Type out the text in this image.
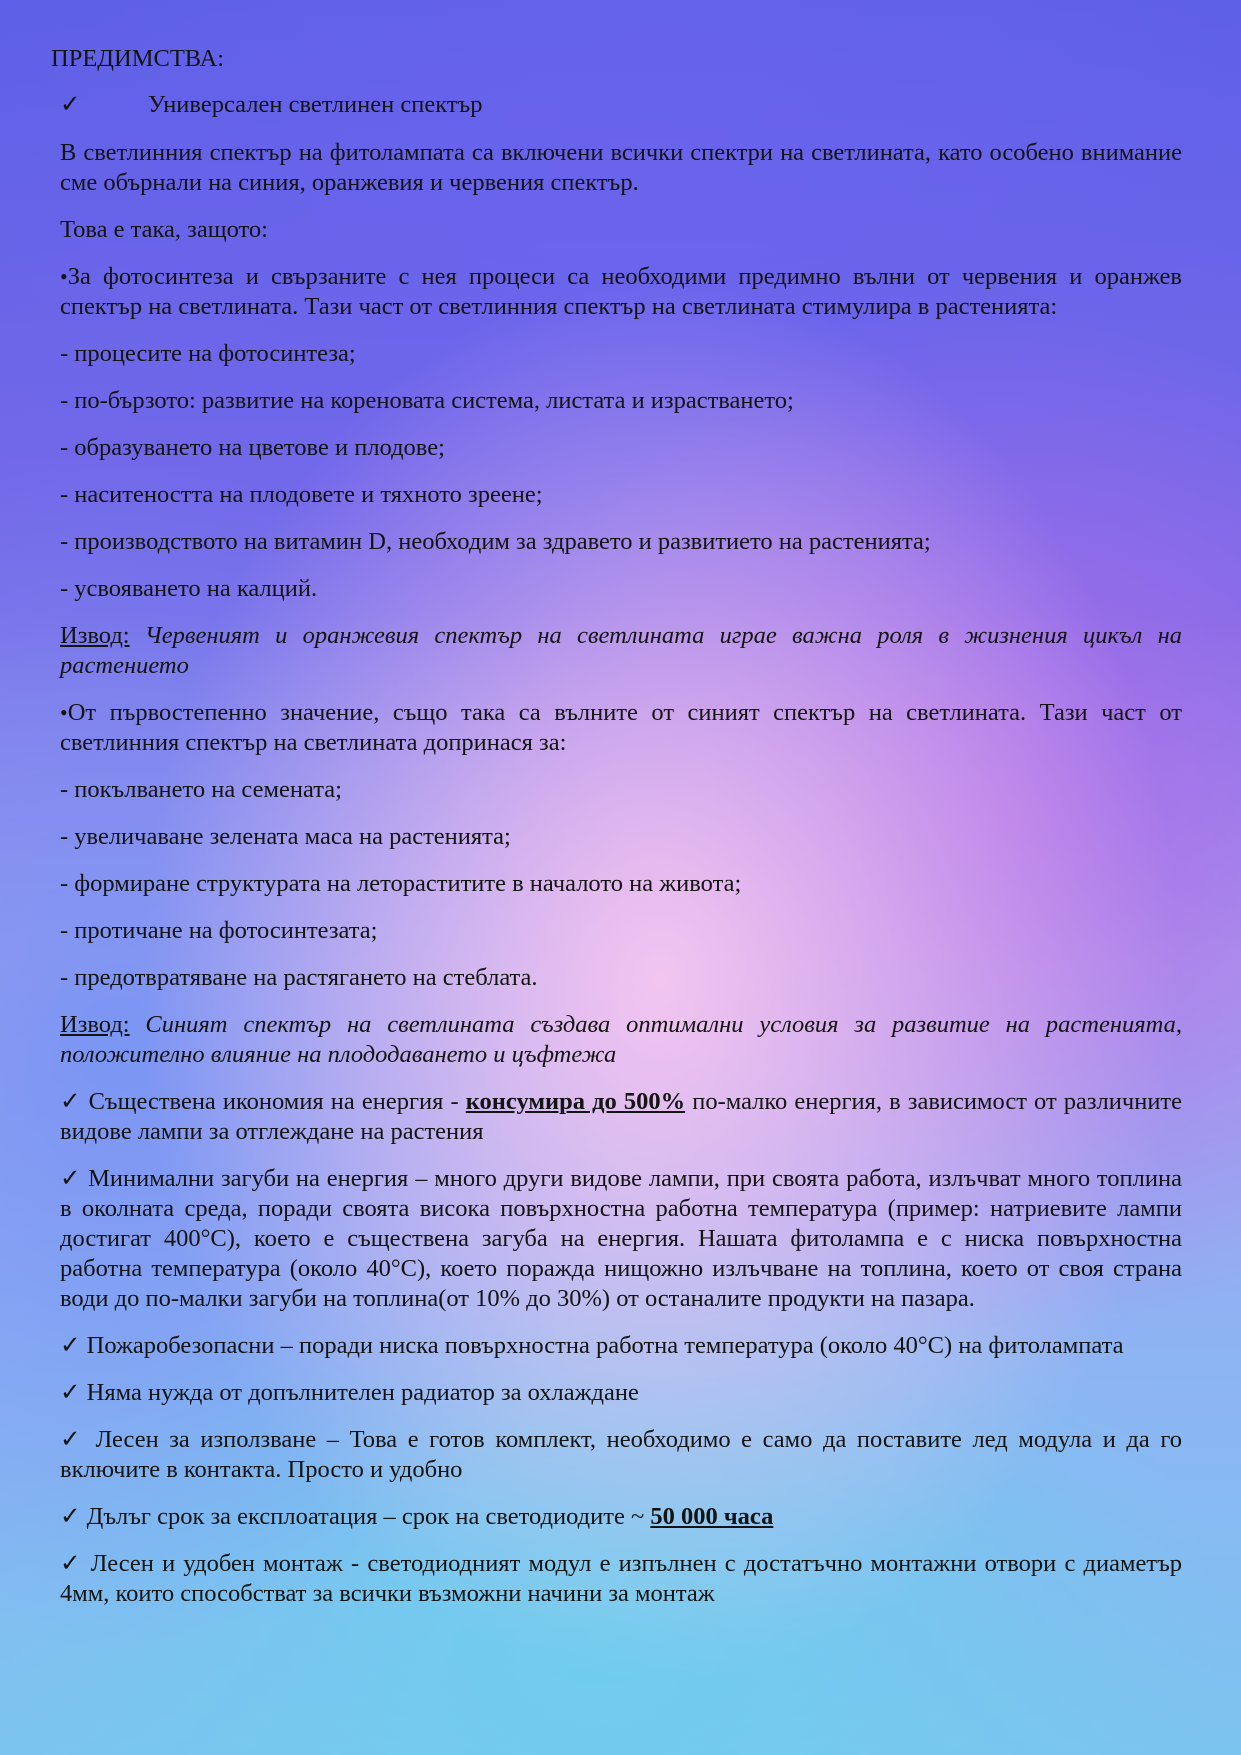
ПРЕДИМСТВА:

✓	Универсален светлинен спектър

В светлинния спектър на фитолампата са включени всички спектри на светлината, като особено внимание сме обърнали на синия, оранжевия и червения спектър.

Това е така, защото:

•За фотосинтеза и свързаните с нея процеси са необходими предимно вълни от червения и оранжев спектър на светлината. Тази част от светлинния спектър на светлината стимулира в растенията:

- процесите на фотосинтеза;

- по-бързото: развитие на кореновата система, листата и израстването;

- образуването на цветове и плодове;

- наситеността на плодовете и тяхното зреене;

- производството на витамин D, необходим за здравето и развитието на растенията;

- усвояването на калций.

Извод: Червеният и оранжевия спектър на светлината играе важна роля в жизнения цикъл на растението

•От първостепенно значение, също така са вълните от синият спектър на светлината. Тази част от светлинния спектър на светлината допринася за:

- покълването на семената;

- увеличаване зелената маса на растенията;

- формиране структурата на летораститите в началото на живота;

- протичане на фотосинтезата;

- предотвратяване на растягането на стеблата.

Извод: Синият спектър на светлината създава оптимални условия за развитие на растенията, положително влияние на плододаването и цъфтежа

✓ Съществена икономия на енергия - консумира до 500% по-малко енергия, в зависимост от различните видове лампи за отглеждане на растения

✓ Минимални загуби на енергия – много други видове лампи, при своята работа, излъчват много топлина в околната среда, поради своята висока повърхностна работна температура (пример: натриевите лампи достигат 400°C), което е съществена загуба на енергия. Нашата фитолампа е с ниска повърхностна работна температура (около 40°C), което поражда нищожно излъчване на топлина, което от своя страна води до по-малки загуби на топлина(от 10% до 30%) от останалите продукти на пазара.

✓ Пожаробезопасни – поради ниска повърхностна работна температура (около 40°C) на фитолампата

✓ Няма нужда от допълнителен радиатор за охлаждане

✓ Лесен за използване – Това е готов комплект, необходимо е само да поставите лед модула и да го включите в контакта. Просто и удобно

✓ Дълъг срок за експлоатация – срок на светодиодите ~ 50 000 часа

✓ Лесен и удобен монтаж - светодиодният модул е изпълнен с достатъчно монтажни отвори с диаметър 4мм, които способстват за всички възможни начини за монтаж
